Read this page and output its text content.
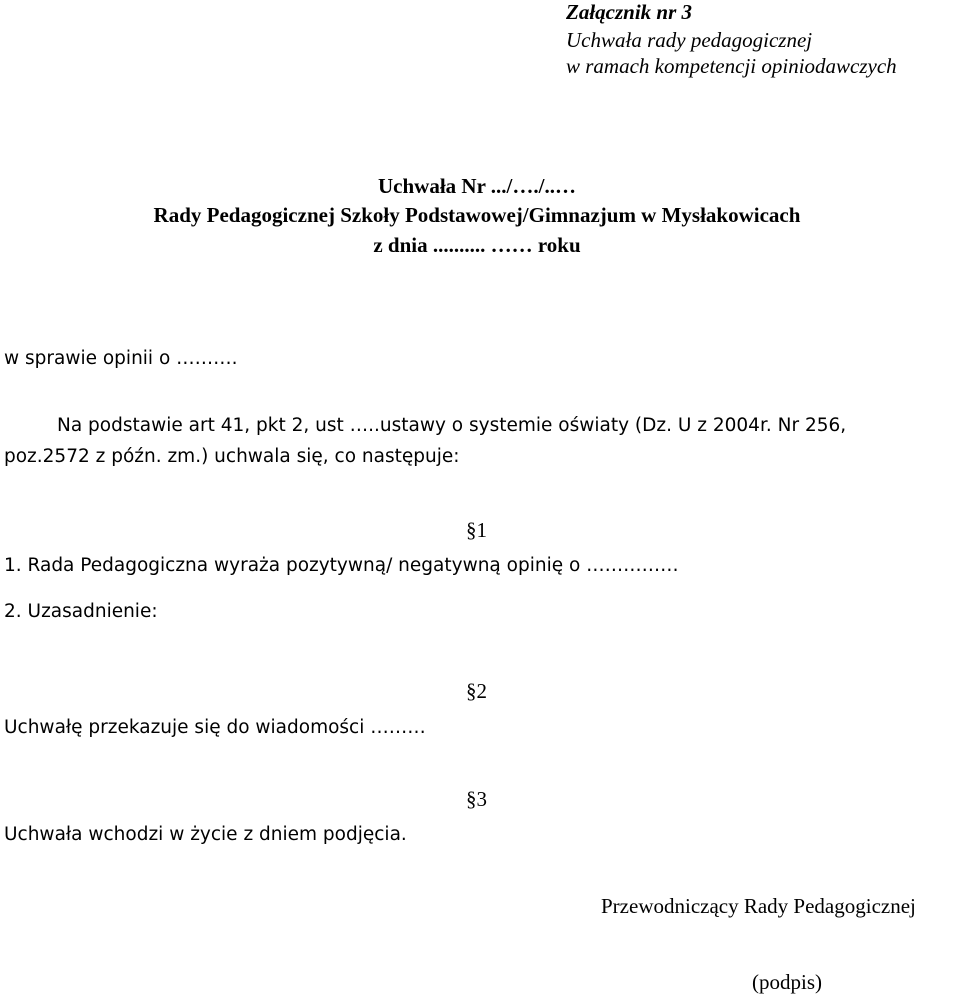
Załącznik nr 3

Uchwała rady pedagogicznej

w ramach kompetencji opiniodawczych

Uchwała Nr .../…./..…

Rady Pedagogicznej Szkoły Podstawowej/Gimnazjum w Mysłakowicach

z dnia .......... …… roku

w sprawie opinii o ……….

Na podstawie art 41, pkt 2, ust …..ustawy o systemie oświaty (Dz. U z 2004r. Nr 256,

poz.2572 z późn. zm.) uchwala się, co następuje:

§1

1. Rada Pedagogiczna wyraża pozytywną/ negatywną opinię o ……………

2. Uzasadnienie:

§2

Uchwałę przekazuje się do wiadomości ………

§3

Uchwała wchodzi w życie z dniem podjęcia.

Przewodniczący Rady Pedagogicznej

(podpis)
